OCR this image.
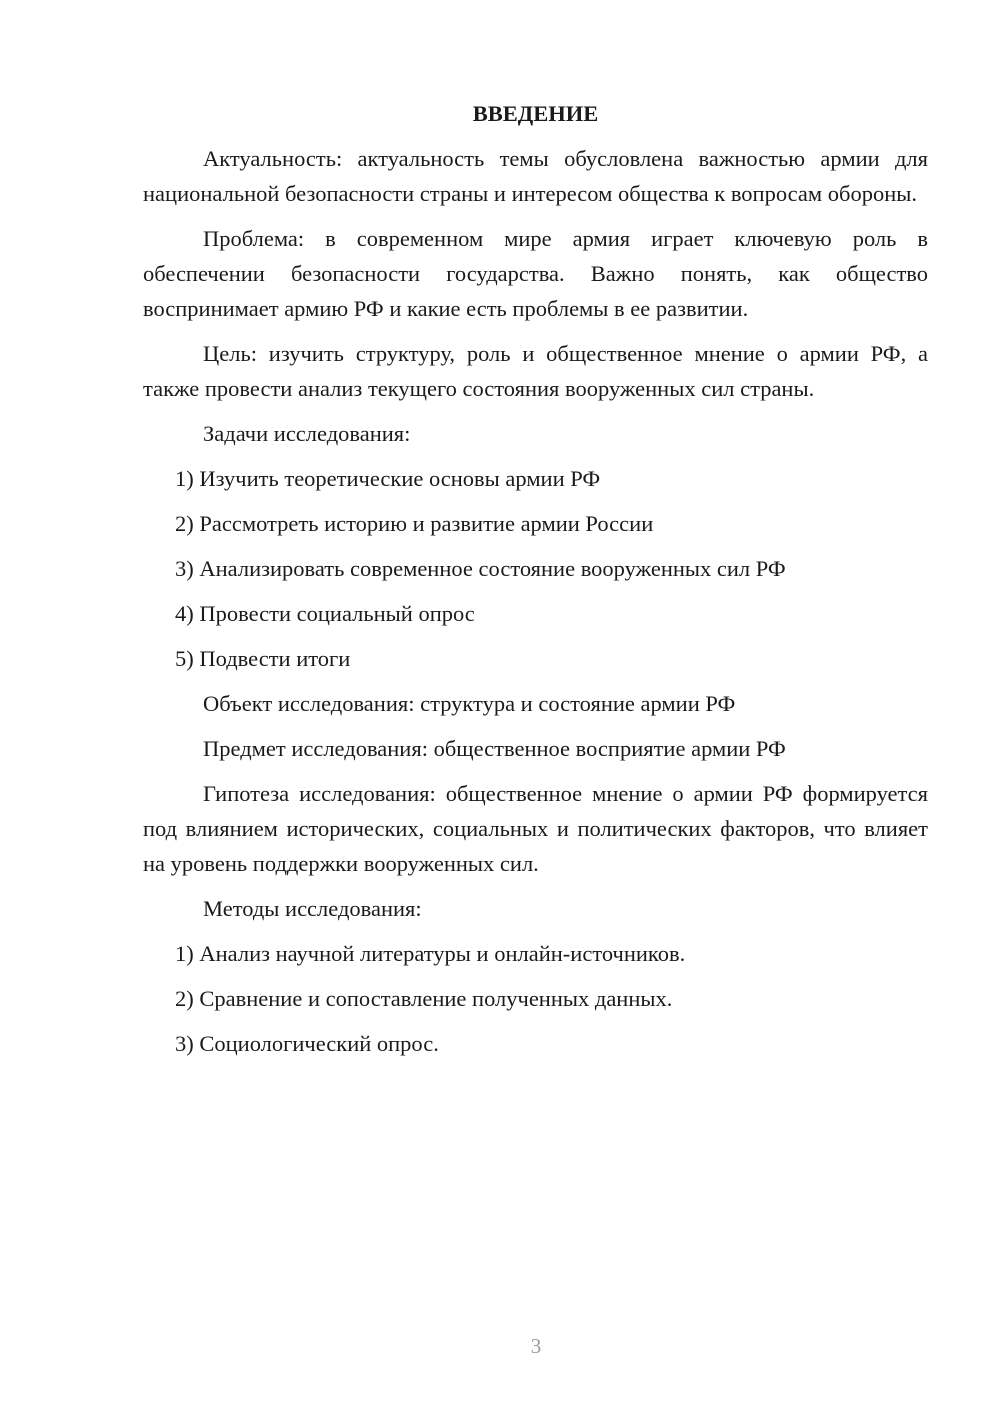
ВВЕДЕНИЕ
Актуальность: актуальность темы обусловлена важностью армии для национальной безопасности страны и интересом общества к вопросам обороны.
Проблема: в современном мире армия играет ключевую роль в обеспечении безопасности государства. Важно понять, как общество воспринимает армию РФ и какие есть проблемы в ее развитии.
Цель: изучить структуру, роль и общественное мнение о армии РФ, а также провести анализ текущего состояния вооруженных сил страны.
Задачи исследования:
1) Изучить теоретические основы армии РФ
2) Рассмотреть историю и развитие армии России
3) Анализировать современное состояние вооруженных сил РФ
4) Провести социальный опрос
5) Подвести итоги
Объект исследования: структура и состояние армии РФ
Предмет исследования: общественное восприятие армии РФ
Гипотеза исследования: общественное мнение о армии РФ формируется под влиянием исторических, социальных и политических факторов, что влияет на уровень поддержки вооруженных сил.
Методы исследования:
1) Анализ научной литературы и онлайн-источников.
2) Сравнение и сопоставление полученных данных.
3) Социологический опрос.
3
